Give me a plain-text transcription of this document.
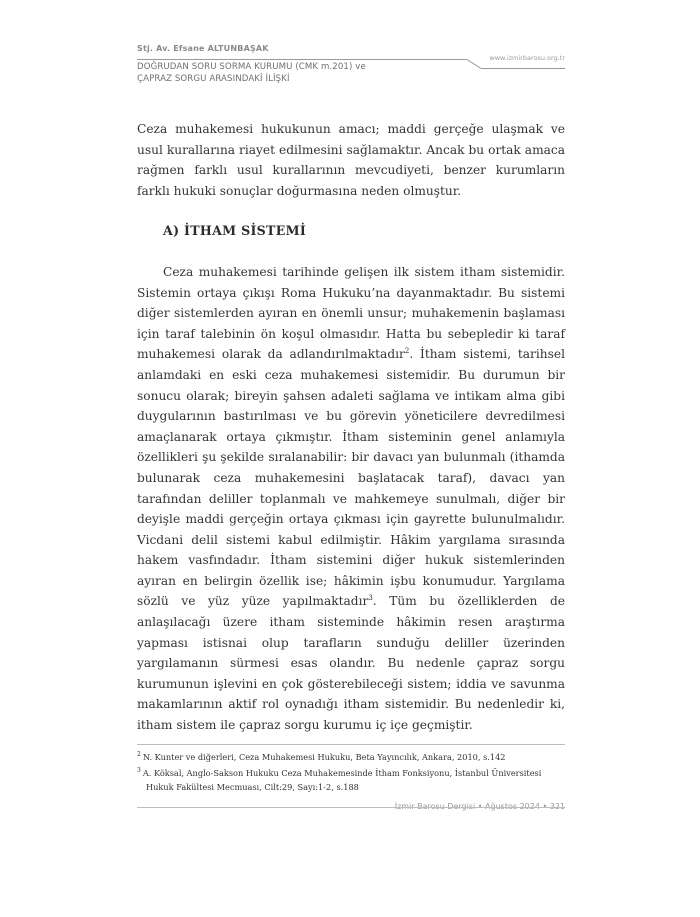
Stj. Av. Efsane ALTUNBAŞAK
www.izmirbarosu.org.tr
DOĞRUDAN SORU SORMA KURUMU (CMK m.201) ve
ÇAPRAZ SORGU ARASINDAKİ İLİŞKİ

Ceza muhakemesi hukukunun amacı; maddi gerçeğe ulaşmak ve usul kurallarına riayet edilmesini sağlamaktır. Ancak bu ortak amaca rağmen farklı usul kurallarının mevcudiyeti, benzer kurumların farklı hukuki sonuçlar doğurmasına neden olmuştur.

A) İTHAM SİSTEMİ

Ceza muhakemesi tarihinde gelişen ilk sistem itham sistemidir. Sistemin ortaya çıkışı Roma Hukuku’na dayanmaktadır. Bu sistemi diğer sistemlerden ayıran en önemli unsur; muhakemenin başlaması için taraf talebinin ön koşul olmasıdır. Hatta bu sebepledir ki taraf muhakemesi olarak da adlandırılmaktadır$^2$. İtham sistemi, tarihsel anlamdaki en eski ceza muhakemesi sistemidir. Bu durumun bir sonucu olarak; bireyin şahsen adaleti sağlama ve intikam alma gibi duygularının bastırılması ve bu görevin yöneticilere devredilmesi amaçlanarak ortaya çıkmıştır. İtham sisteminin genel anlamıyla özellikleri şu şekilde sıralanabilir: bir davacı yan bulunmalı (ithamda bulunarak ceza muhakemesini başlatacak taraf), davacı yan tarafından deliller toplanmalı ve mahkemeye sunulmalı, diğer bir deyişle maddi gerçeğin ortaya çıkması için gayrette bulunulmalıdır. Vicdani delil sistemi kabul edilmiştir. Hâkim yargılama sırasında hakem vasfındadır. İtham sistemini diğer hukuk sistemlerinden ayıran en belirgin özellik ise; hâkimin işbu konumudur. Yargılama sözlü ve yüz yüze yapılmaktadır$^3$. Tüm bu özelliklerden de anlaşılacağı üzere itham sisteminde hâkimin resen araştırma yapması istisnai olup tarafların sunduğu deliller üzerinden yargılamanın sürmesi esas olandır. Bu nedenle çapraz sorgu kurumunun işlevini en çok gösterebileceği sistem; iddia ve savunma makamlarının aktif rol oynadığı itham sistemidir. Bu nedenledir ki, itham sistem ile çapraz sorgu kurumu iç içe geçmiştir.

$^2$ N. Kunter ve diğerleri, Ceza Muhakemesi Hukuku, Beta Yayıncılık, Ankara, 2010, s.142
$^3$ A. Köksal, Anglo-Sakson Hukuku Ceza Muhakemesinde İtham Fonksiyonu, İstanbul Üniversitesi Hukuk Fakültesi Mecmuası, Cilt:29, Sayı:1-2, s.188
İzmir Barosu Dergisi • Ağustos 2024 • 321
